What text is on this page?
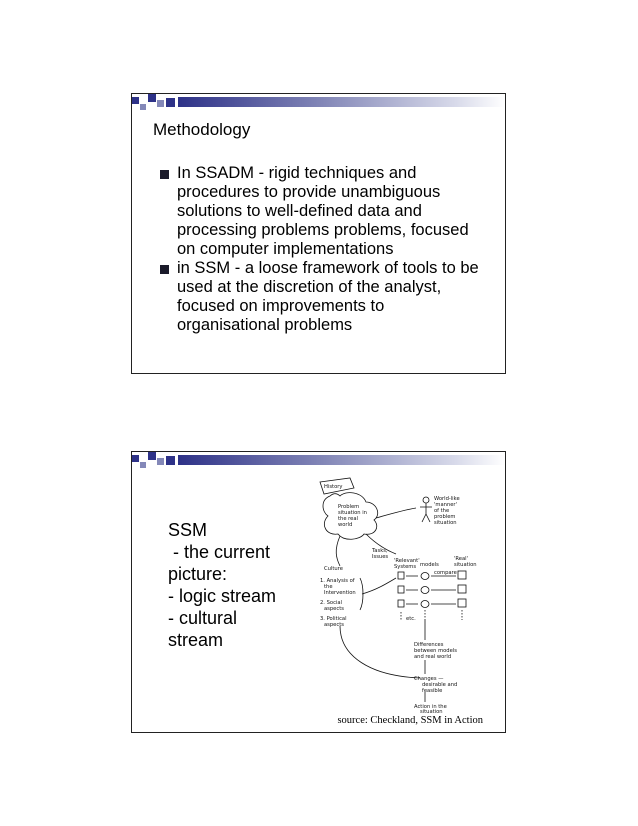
Methodology
In SSADM - rigid techniques and procedures to provide unambiguous solutions to well-defined data and processing problems problems, focused on computer implementations
in SSM - a loose framework of tools to be used at the discretion of the analyst, focused on improvements to organisational problems
SSM
- the current
picture:
- logic stream
- cultural
stream
History
Problem
situation in
the real
world
World-like
'manner'
of the
problem
situation
Tasks,
Issues
Culture
'Relevant'
Systems models
'Real'
situation
compare
1. Analysis of
the
Intervention
2. Social
aspects
3. Political
aspects
etc.
Differences
between models
and real world
Changes —
desirable and
feasible
Action in the
situation
source: Checkland, SSM in Action
